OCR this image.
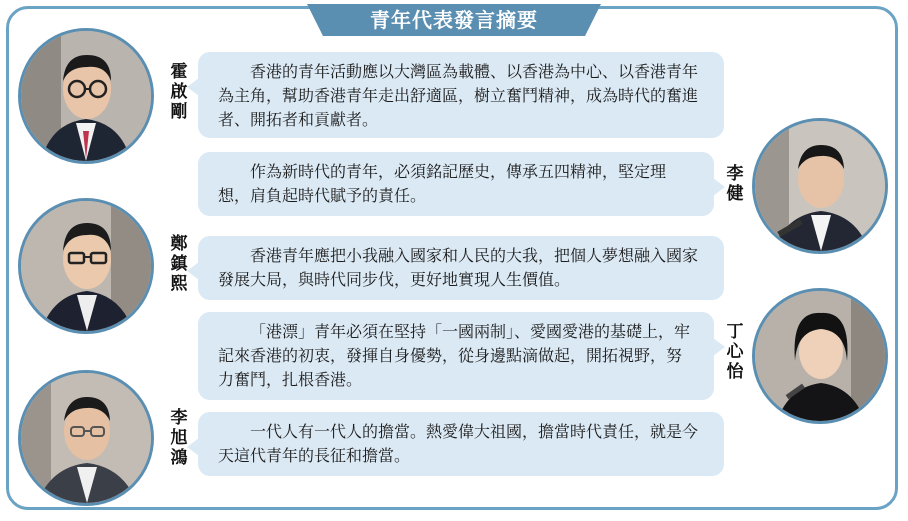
青年代表發言摘要
霍啟剛

香港的青年活動應以大灣區為載體、以香港為中心、以香港青年為主角，幫助香港青年走出舒適區，樹立奮鬥精神，成為時代的奮進者、開拓者和貢獻者。

作為新時代的青年，必須銘記歷史，傳承五四精神，堅定理想，肩負起時代賦予的責任。

李健
鄭鎮熙

香港青年應把小我融入國家和人民的大我，把個人夢想融入國家發展大局，與時代同步伐，更好地實現人生價值。

「港漂」青年必須在堅持「一國兩制」、愛國愛港的基礎上，牢記來香港的初衷，發揮自身優勢，從身邊點滴做起，開拓視野，努力奮鬥，扎根香港。

丁心怡
李旭鴻

一代人有一代人的擔當。熱愛偉大祖國，擔當時代責任，就是今天這代青年的長征和擔當。
